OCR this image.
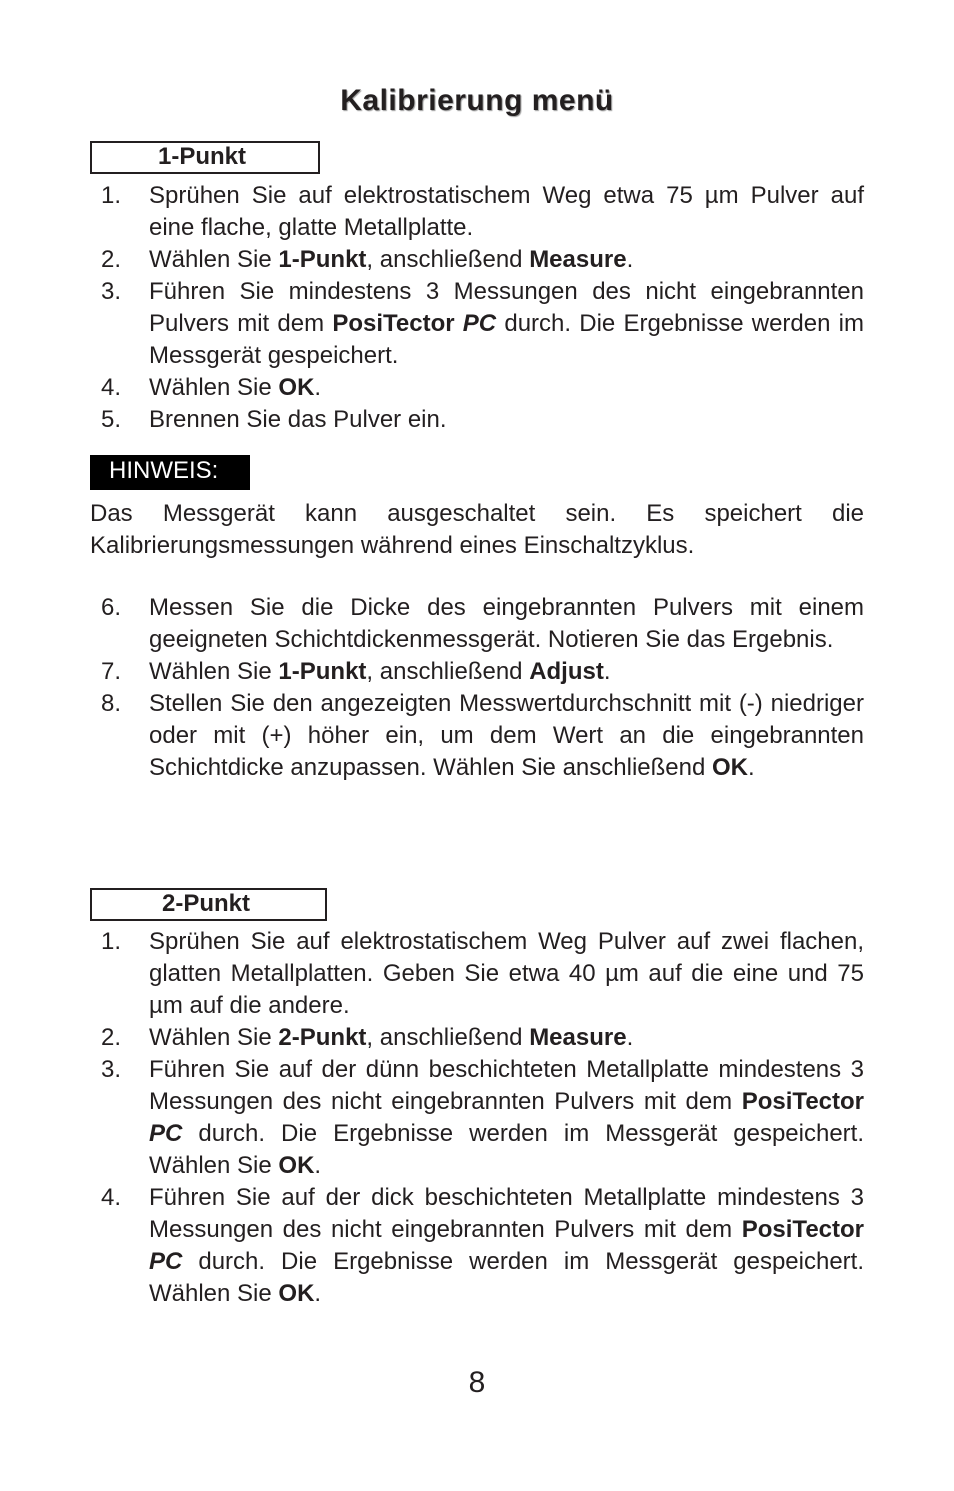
Kalibrierung menü
1-Punkt
1. Sprühen Sie auf elektrostatischem Weg etwa 75 µm Pulver auf eine flache, glatte Metallplatte.
2. Wählen Sie 1-Punkt, anschließend Measure.
3. Führen Sie mindestens 3 Messungen des nicht eingebrannten Pulvers mit dem PosiTector PC durch. Die Ergebnisse werden im Messgerät gespeichert.
4. Wählen Sie OK.
5. Brennen Sie das Pulver ein.
HINWEIS:

Das Messgerät kann ausgeschaltet sein. Es speichert die Kalibrierungsmessungen während eines Einschaltzyklus.

6. Messen Sie die Dicke des eingebrannten Pulvers mit einem geeigneten Schichtdickenmessgerät. Notieren Sie das Ergebnis.
7. Wählen Sie 1-Punkt, anschließend Adjust.
8. Stellen Sie den angezeigten Messwertdurchschnitt mit (-) niedriger oder mit (+) höher ein, um dem Wert an die eingebrannten Schichtdicke anzupassen. Wählen Sie anschließend OK.
2-Punkt
1. Sprühen Sie auf elektrostatischem Weg Pulver auf zwei flachen, glatten Metallplatten. Geben Sie etwa 40 µm auf die eine und 75 µm auf die andere.
2. Wählen Sie 2-Punkt, anschließend Measure.
3. Führen Sie auf der dünn beschichteten Metallplatte mindestens 3 Messungen des nicht eingebrannten Pulvers mit dem PosiTector PC durch. Die Ergebnisse werden im Messgerät gespeichert. Wählen Sie OK.
4. Führen Sie auf der dick beschichteten Metallplatte mindestens 3 Messungen des nicht eingebrannten Pulvers mit dem PosiTector PC durch. Die Ergebnisse werden im Messgerät gespeichert. Wählen Sie OK.

8
